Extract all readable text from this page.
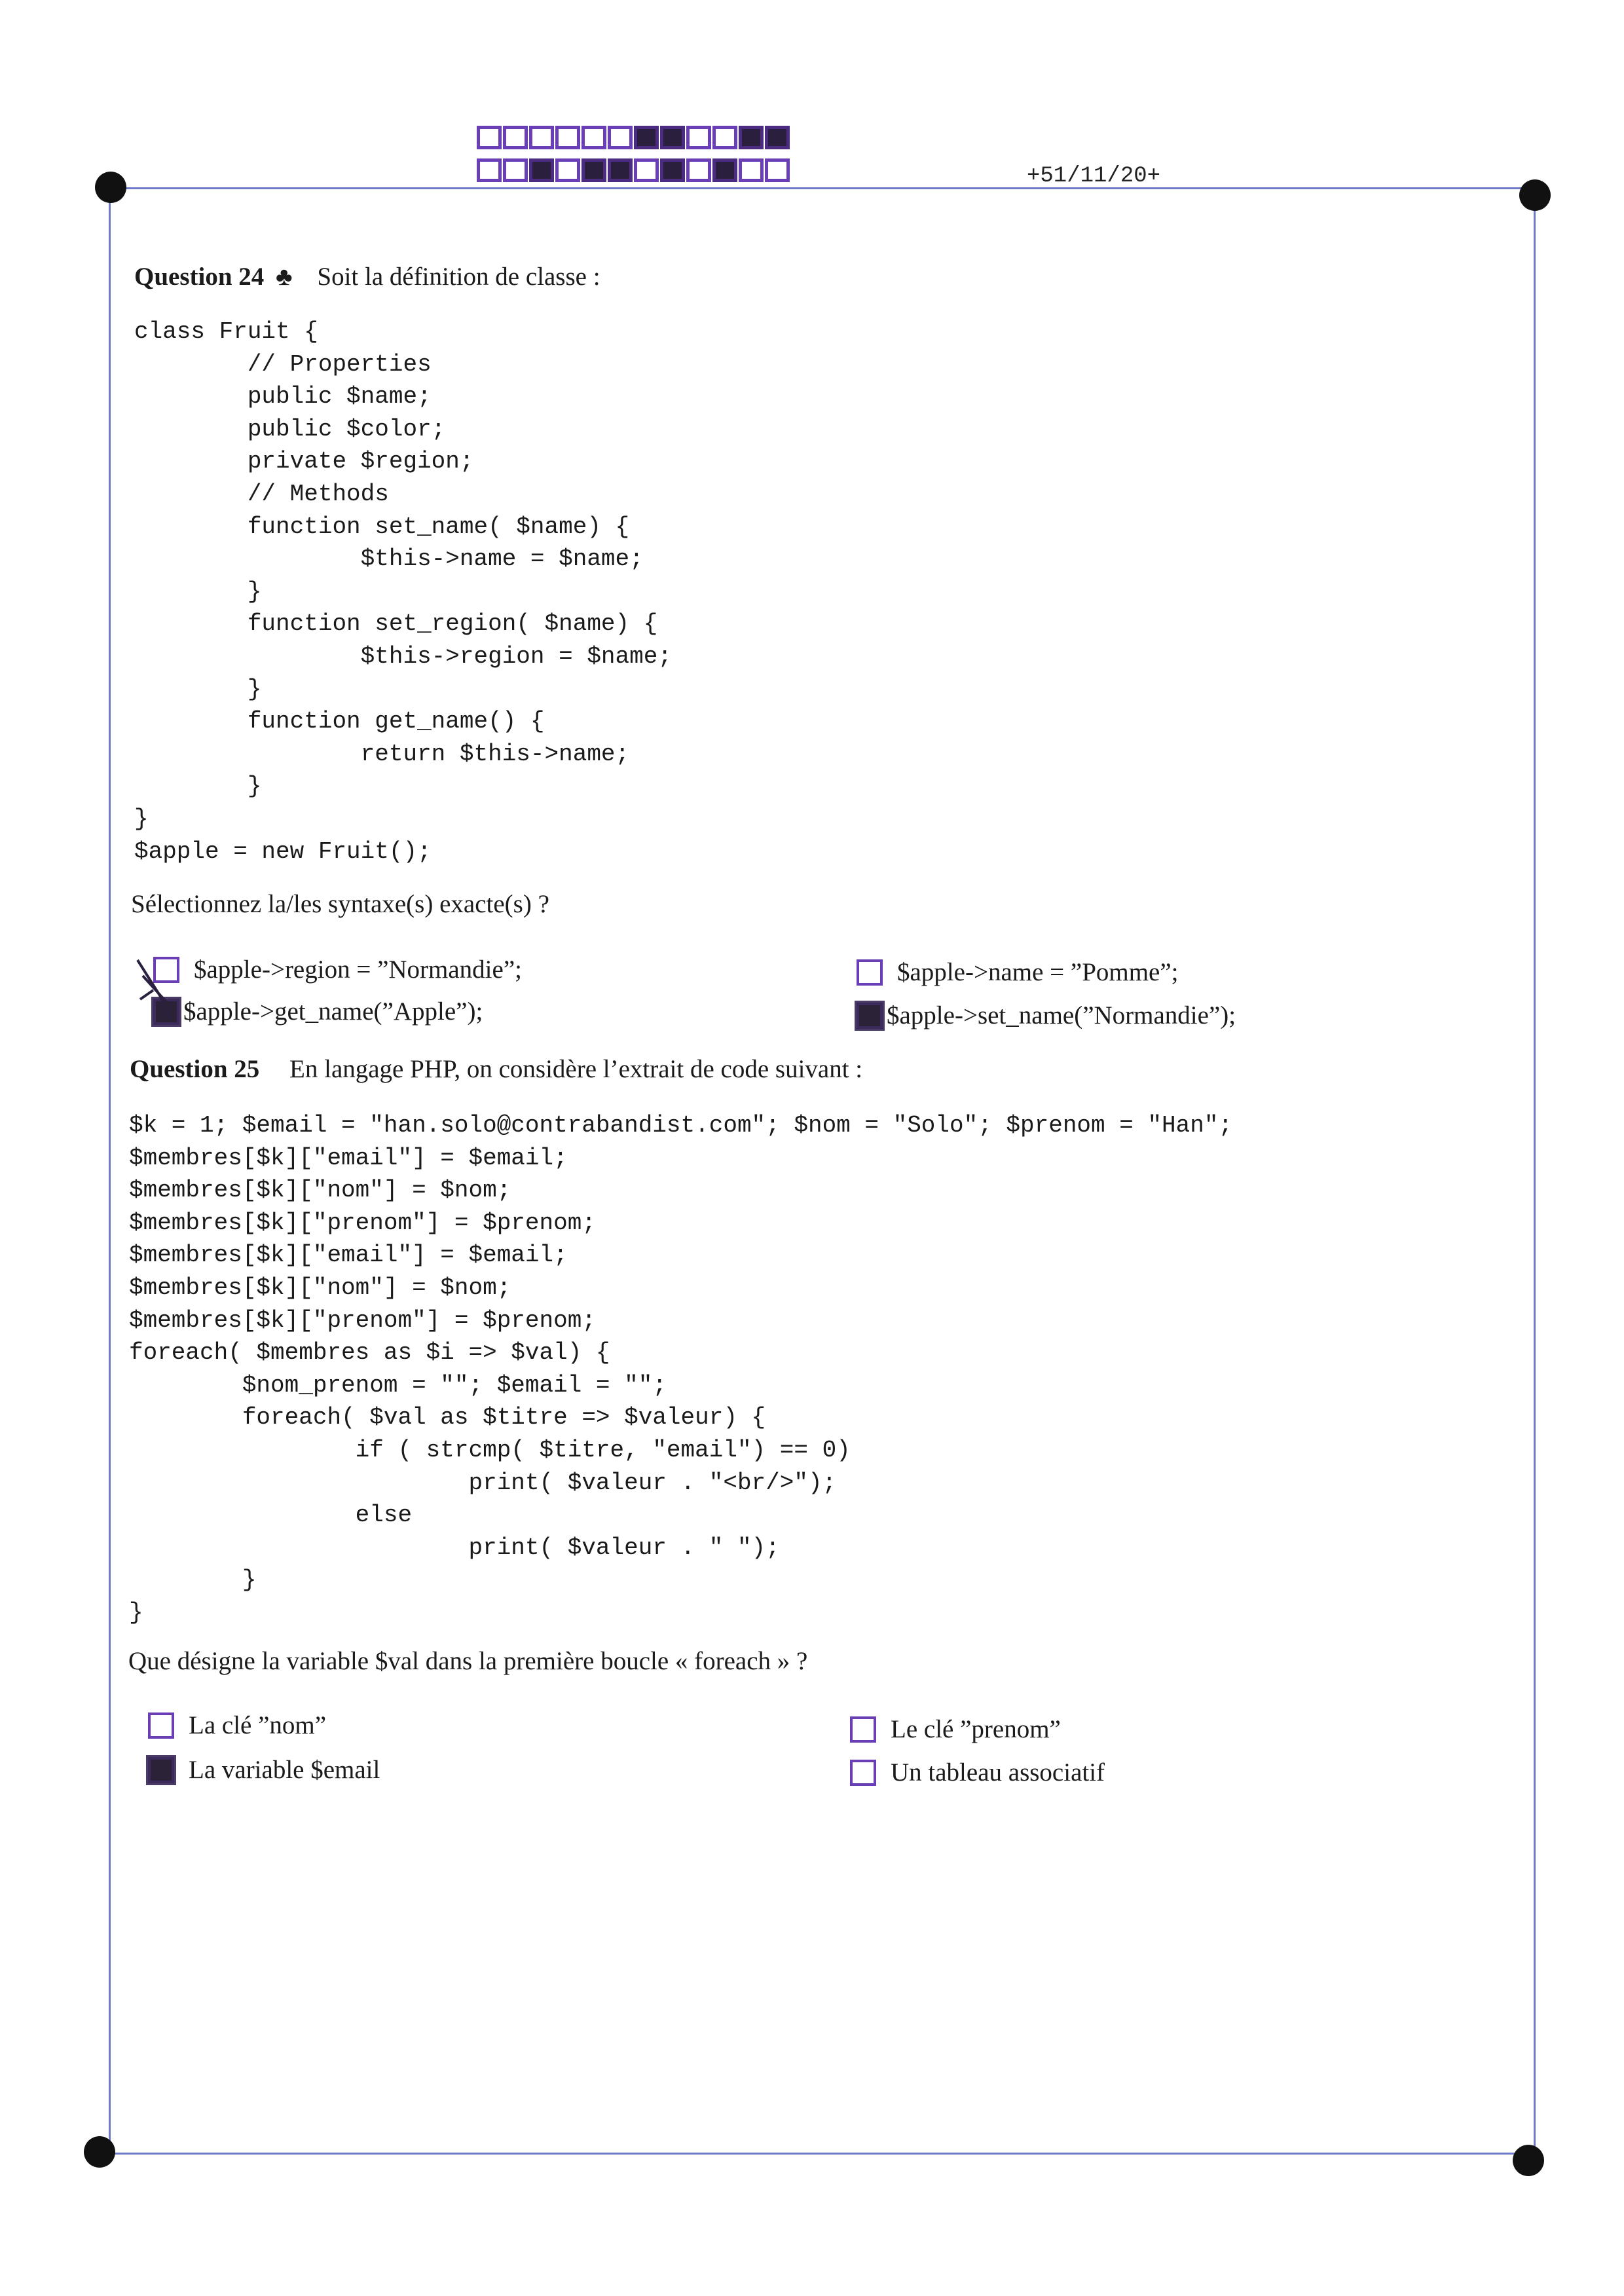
+51/11/20+
Question 24 ♣ Soit la définition de classe :
class Fruit {
// Properties
public $name;
public $color;
private $region;
// Methods
function set_name( $name) {
$this->name = $name;
}
function set_region( $name) {
$this->region = $name;
}
function get_name() {
return $this->name;
}
}
$apple = new Fruit();
Sélectionnez la/les syntaxe(s) exacte(s) ?
$apple->region = ”Normandie”;
$apple->get_name(”Apple”);
$apple->name = ”Pomme”;
$apple->set_name(”Normandie”);
Question 25 En langage PHP, on considère l’extrait de code suivant :
$k = 1; $email = "han.solo@contrabandist.com"; $nom = "Solo"; $prenom = "Han";
$membres[$k]["email"] = $email;
$membres[$k]["nom"] = $nom;
$membres[$k]["prenom"] = $prenom;
$membres[$k]["email"] = $email;
$membres[$k]["nom"] = $nom;
$membres[$k]["prenom"] = $prenom;
foreach( $membres as $i => $val) {
$nom_prenom = ""; $email = "";
foreach( $val as $titre => $valeur) {
if ( strcmp( $titre, "email") == 0)
print( $valeur . "<br/>");
else
print( $valeur . " ");
}
}
Que désigne la variable $val dans la première boucle « foreach » ?
La clé ”nom”
La variable $email
Le clé ”prenom”
Un tableau associatif
